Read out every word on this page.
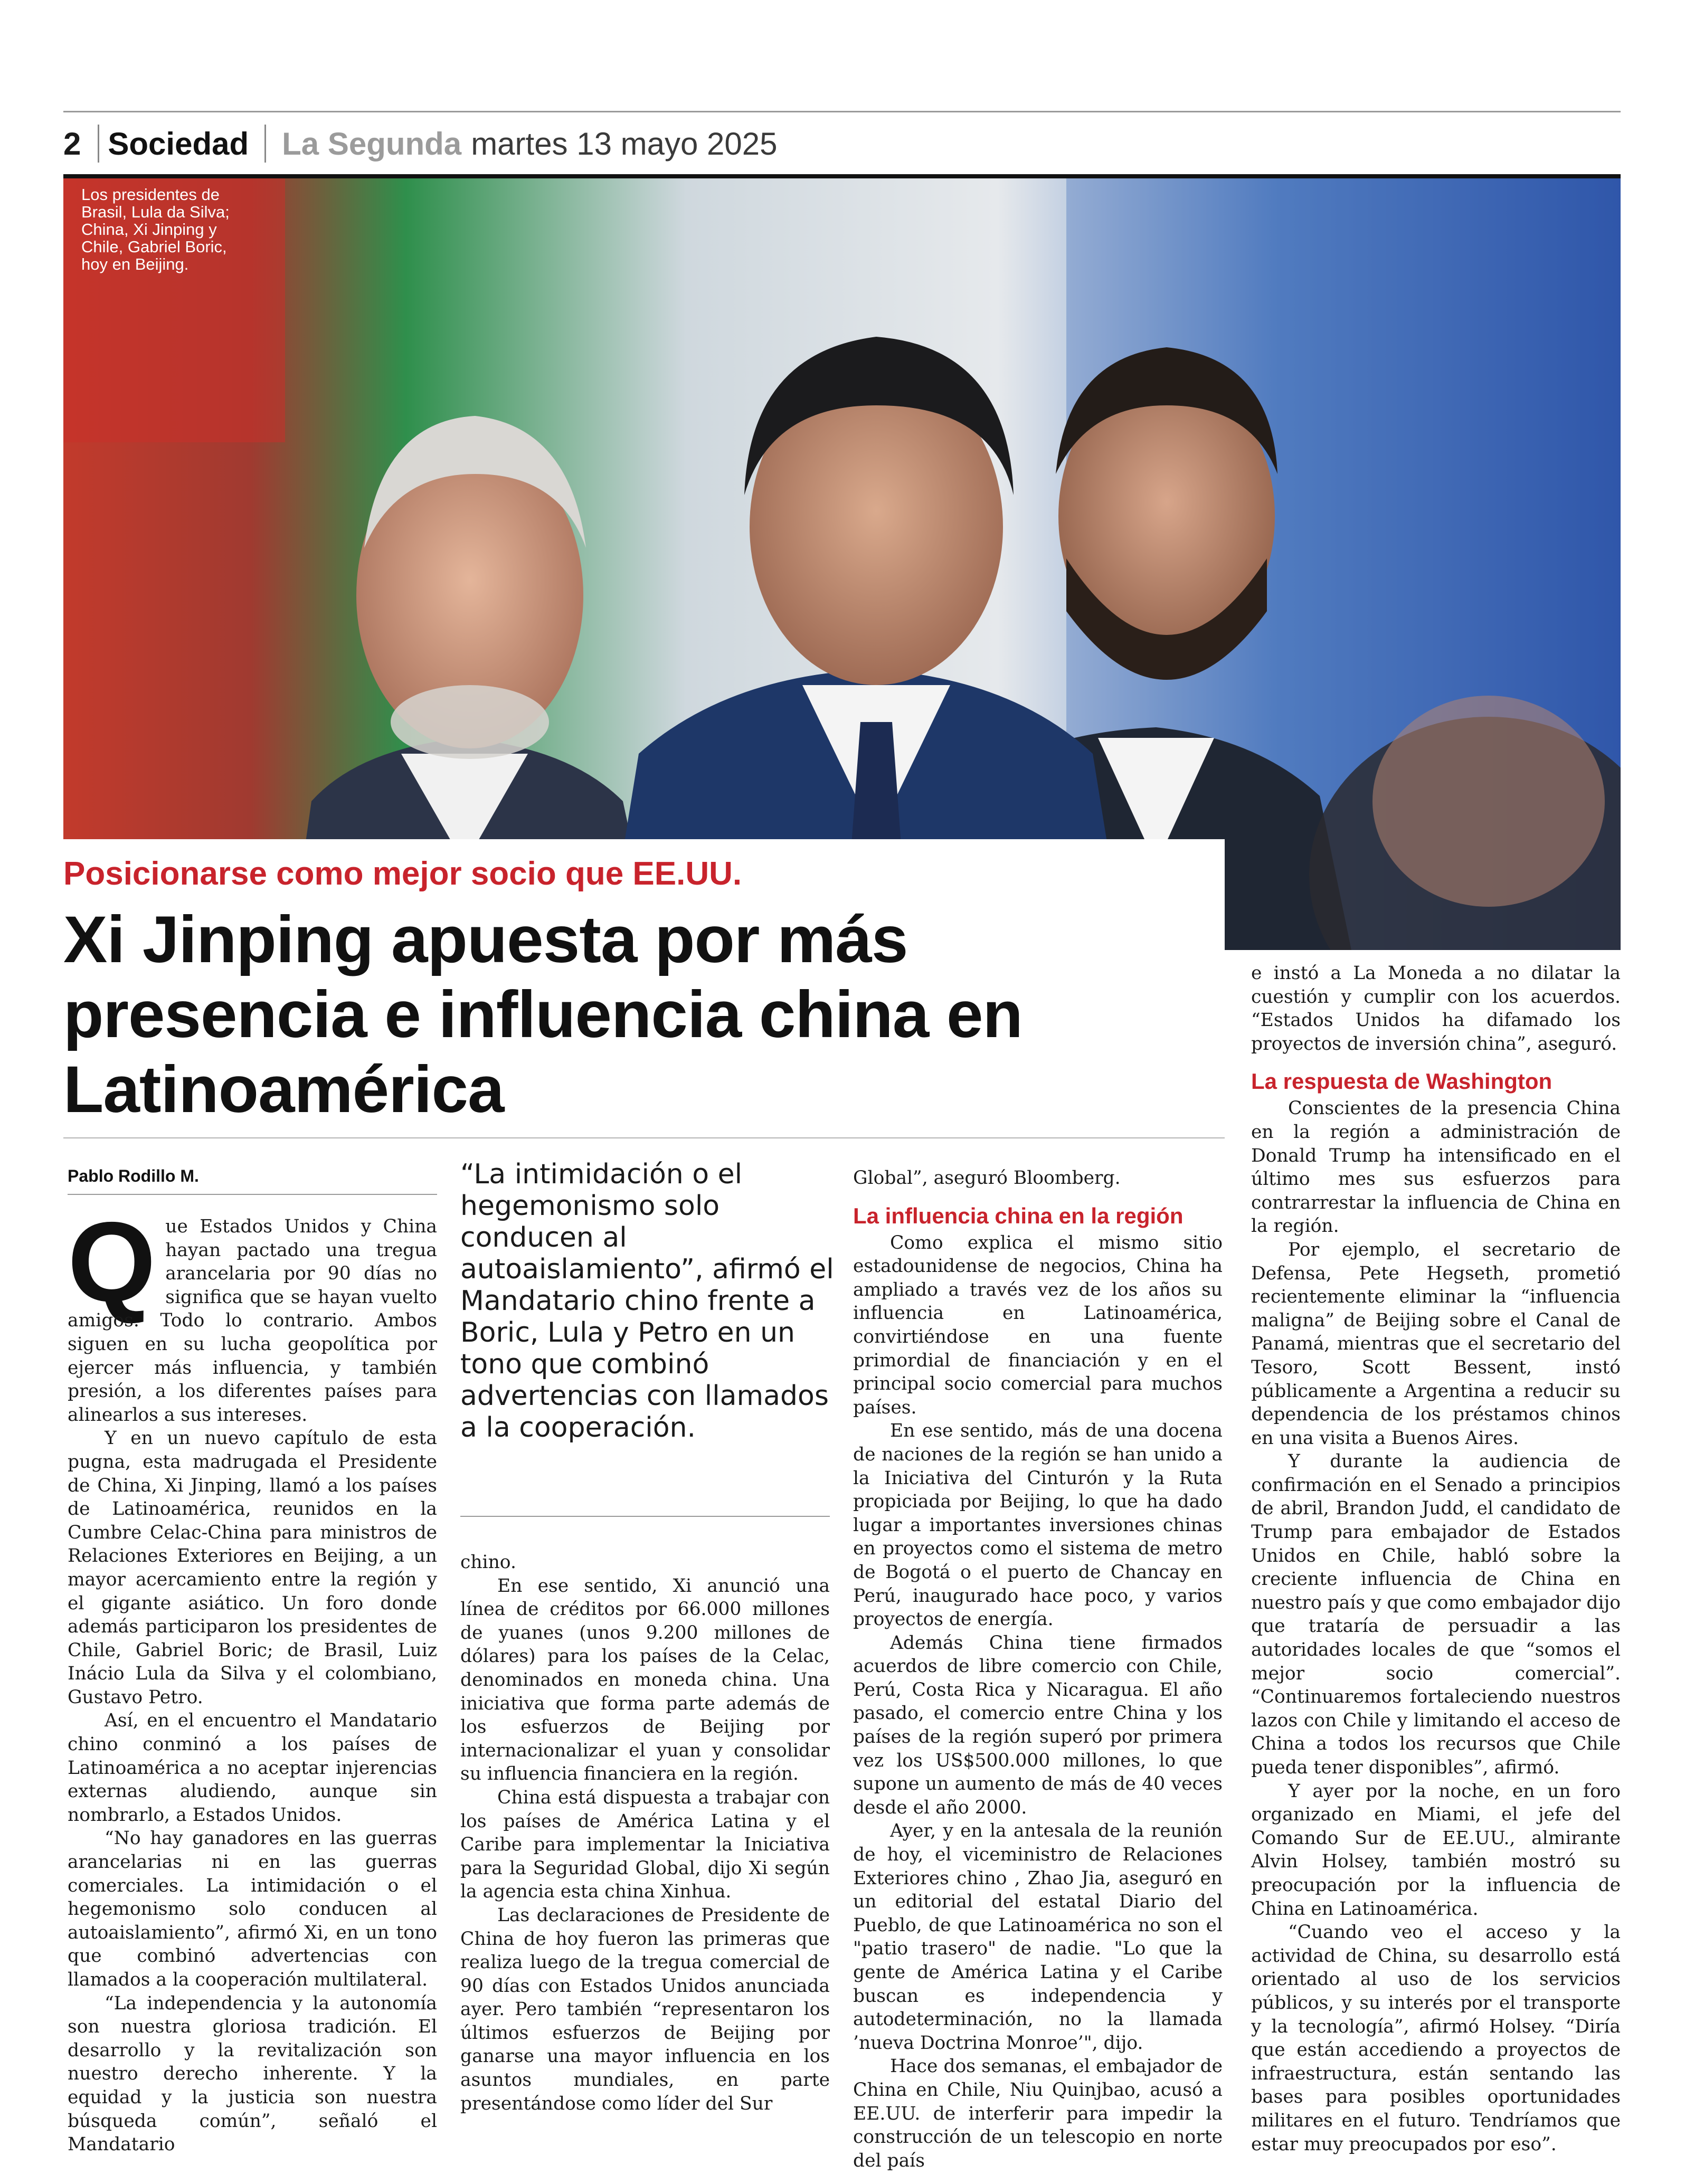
2 Sociedad La Segunda martes 13 mayo 2025
Los presidentes de Brasil, Lula da Silva; China, Xi Jinping y Chile, Gabriel Boric, hoy en Beijing.
Posicionarse como mejor socio que EE.UU.
Xi Jinping apuesta por más presencia e influencia china en Latinoamérica
Pablo Rodillo M.
Q ue Estados Unidos y China hayan pactado una tregua arancelaria por 90 días no significa que se hayan vuelto amigos. Todo lo contrario. Ambos siguen en su lucha geopolítica por ejercer más influencia, y también presión, a los diferentes países para alinearlos a sus intereses.

Y en un nuevo capítulo de esta pugna, esta madrugada el Presidente de China, Xi Jinping, llamó a los países de Latinoamérica, reunidos en la Cumbre Celac-China para ministros de Relaciones Exteriores en Beijing, a un mayor acercamiento entre la región y el gigante asiático. Un foro donde además participaron los presidentes de Chile, Gabriel Boric; de Brasil, Luiz Inácio Lula da Silva y el colombiano, Gustavo Petro.

Así, en el encuentro el Mandatario chino conminó a los países de Latinoamérica a no aceptar injerencias externas aludiendo, aunque sin nombrarlo, a Estados Unidos.

“No hay ganadores en las guerras arancelarias ni en las guerras comerciales. La intimidación o el hegemonismo solo conducen al autoaislamiento”, afirmó Xi, en un tono que combinó advertencias con llamados a la cooperación multilateral.

“La independencia y la autonomía son nuestra gloriosa tradición. El desarrollo y la revitalización son nuestro derecho inherente. Y la equidad y la justicia son nuestra búsqueda común”, señaló el Mandatario

“La intimidación o el hegemonismo solo conducen al autoaislamiento”, afirmó el Mandatario chino frente a Boric, Lula y Petro en un tono que combinó advertencias con llamados a la cooperación.

chino.

En ese sentido, Xi anunció una línea de créditos por 66.000 millones de yuanes (unos 9.200 millones de dólares) para los países de la Celac, denominados en moneda china. Una iniciativa que forma parte además de los esfuerzos de Beijing por internacionalizar el yuan y consolidar su influencia financiera en la región.

China está dispuesta a trabajar con los países de América Latina y el Caribe para implementar la Iniciativa para la Seguridad Global, dijo Xi según la agencia esta china Xinhua.

Las declaraciones de Presidente de China de hoy fueron las primeras que realiza luego de la tregua comercial de 90 días con Estados Unidos anunciada ayer. Pero también “representaron los últimos esfuerzos de Beijing por ganarse una mayor influencia en los asuntos mundiales, en parte presentándose como líder del Sur

Global”, aseguró Bloomberg.

La influencia china en la región

Como explica el mismo sitio estadounidense de negocios, China ha ampliado a través vez de los años su influencia en Latinoamérica, convirtiéndose en una fuente primordial de financiación y en el principal socio comercial para muchos países.

En ese sentido, más de una docena de naciones de la región se han unido a la Iniciativa del Cinturón y la Ruta propiciada por Beijing, lo que ha dado lugar a importantes inversiones chinas en proyectos como el sistema de metro de Bogotá o el puerto de Chancay en Perú, inaugurado hace poco, y varios proyectos de energía.

Además China tiene firmados acuerdos de libre comercio con Chile, Perú, Costa Rica y Nicaragua. El año pasado, el comercio entre China y los países de la región superó por primera vez los US$500.000 millones, lo que supone un aumento de más de 40 veces desde el año 2000.

Ayer, y en la antesala de la reunión de hoy, el viceministro de Relaciones Exteriores chino , Zhao Jia, aseguró en un editorial del estatal Diario del Pueblo, de que Latinoamérica no son el "patio trasero" de nadie. "Lo que la gente de América Latina y el Caribe buscan es independencia y autodeterminación, no la llamada ’nueva Doctrina Monroe’", dijo.

Hace dos semanas, el embajador de China en Chile, Niu Quinjbao, acusó a EE.UU. de interferir para impedir la construcción de un telescopio en norte del país

e instó a La Moneda a no dilatar la cuestión y cumplir con los acuerdos. “Estados Unidos ha difamado los proyectos de inversión china”, aseguró.

La respuesta de Washington

Conscientes de la presencia China en la región a administración de Donald Trump ha intensificado en el último mes sus esfuerzos para contrarrestar la influencia de China en la región.

Por ejemplo, el secretario de Defensa, Pete Hegseth, prometió recientemente eliminar la “influencia maligna” de Beijing sobre el Canal de Panamá, mientras que el secretario del Tesoro, Scott Bessent, instó públicamente a Argentina a reducir su dependencia de los préstamos chinos en una visita a Buenos Aires.

Y durante la audiencia de confirmación en el Senado a principios de abril, Brandon Judd, el candidato de Trump para embajador de Estados Unidos en Chile, habló sobre la creciente influencia de China en nuestro país y que como embajador dijo que trataría de persuadir a las autoridades locales de que “somos el mejor socio comercial”. “Continuaremos fortaleciendo nuestros lazos con Chile y limitando el acceso de China a todos los recursos que Chile pueda tener disponibles”, afirmó.

Y ayer por la noche, en un foro organizado en Miami, el jefe del Comando Sur de EE.UU., almirante Alvin Holsey, también mostró su preocupación por la influencia de China en Latinoamérica.

“Cuando veo el acceso y la actividad de China, su desarrollo está orientado al uso de los servicios públicos, y su interés por el transporte y la tecnología”, afirmó Holsey. “Diría que están accediendo a proyectos de infraestructura, están sentando las bases para posibles oportunidades militares en el futuro. Tendríamos que estar muy preocupados por eso”.
